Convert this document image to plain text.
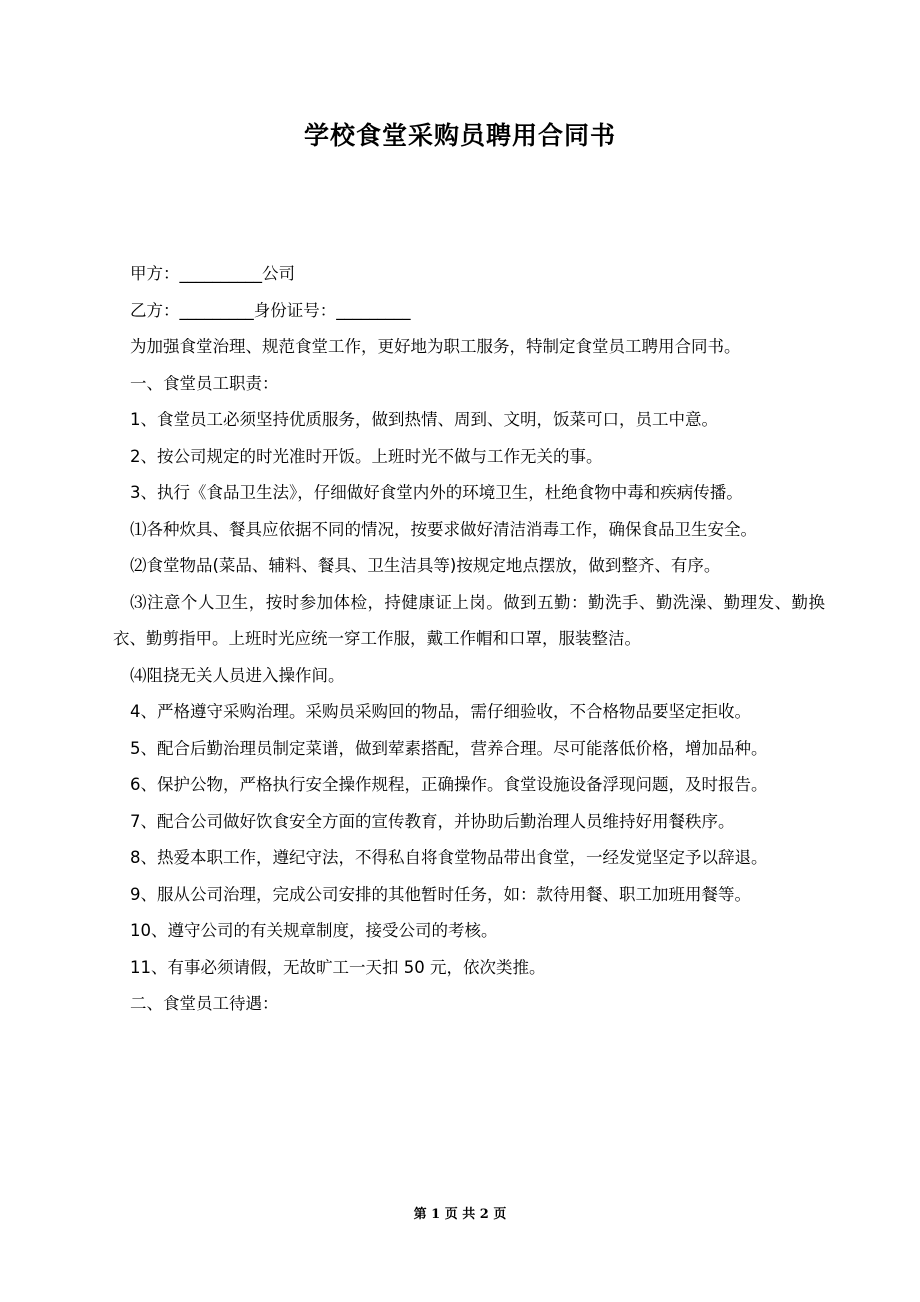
学校食堂采购员聘用合同书

甲方：__________公司

乙方：_________身份证号：_________

为加强食堂治理、规范食堂工作，更好地为职工服务，特制定食堂员工聘用合同书。

一、食堂员工职责：

1、食堂员工必须坚持优质服务，做到热情、周到、文明，饭菜可口，员工中意。

2、按公司规定的时光准时开饭。上班时光不做与工作无关的事。

3、执行《食品卫生法》，仔细做好食堂内外的环境卫生，杜绝食物中毒和疾病传播。

⑴各种炊具、餐具应依据不同的情况，按要求做好清洁消毒工作，确保食品卫生安全。

⑵食堂物品(菜品、辅料、餐具、卫生洁具等)按规定地点摆放，做到整齐、有序。

⑶注意个人卫生，按时参加体检，持健康证上岗。做到五勤：勤洗手、勤洗澡、勤理发、勤换衣、勤剪指甲。上班时光应统一穿工作服，戴工作帽和口罩，服装整洁。

⑷阻挠无关人员进入操作间。

4、严格遵守采购治理。采购员采购回的物品，需仔细验收，不合格物品要坚定拒收。

5、配合后勤治理员制定菜谱，做到荤素搭配，营养合理。尽可能落低价格，增加品种。

6、保护公物，严格执行安全操作规程，正确操作。食堂设施设备浮现问题，及时报告。

7、配合公司做好饮食安全方面的宣传教育，并协助后勤治理人员维持好用餐秩序。

8、热爱本职工作，遵纪守法，不得私自将食堂物品带出食堂，一经发觉坚定予以辞退。

9、服从公司治理，完成公司安排的其他暂时任务，如：款待用餐、职工加班用餐等。

10、遵守公司的有关规章制度，接受公司的考核。

11、有事必须请假，无故旷工一天扣 50 元，依次类推。

二、食堂员工待遇：

第 1 页 共 2 页
